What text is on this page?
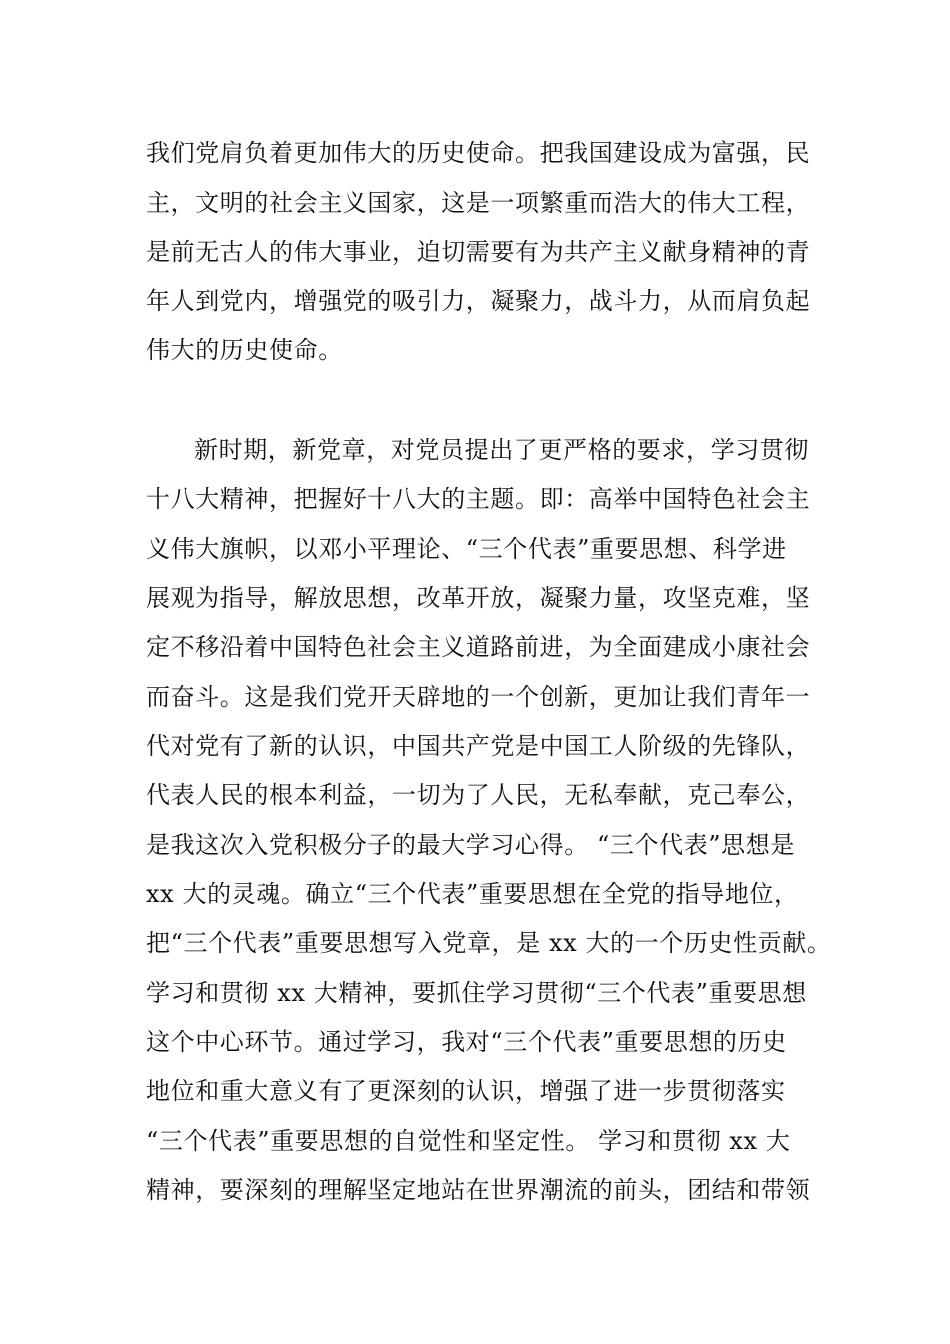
我们党肩负着更加伟大的历史使命。把我国建设成为富强，民
主，文明的社会主义国家，这是一项繁重而浩大的伟大工程，
是前无古人的伟大事业，迫切需要有为共产主义献身精神的青
年人到党内，增强党的吸引力，凝聚力，战斗力，从而肩负起
伟大的历史使命。
新时期，新党章，对党员提出了更严格的要求，学习贯彻
十八大精神，把握好十八大的主题。即：高举中国特色社会主
义伟大旗帜，以邓小平理论、“三个代表”重要思想、科学进
展观为指导，解放思想，改革开放，凝聚力量，攻坚克难，坚
定不移沿着中国特色社会主义道路前进，为全面建成小康社会
而奋斗。这是我们党开天辟地的一个创新，更加让我们青年一
代对党有了新的认识，中国共产党是中国工人阶级的先锋队，
代表人民的根本利益，一切为了人民，无私奉献，克己奉公，
是我这次入党积极分子的最大学习心得。 “三个代表”思想是
xx 大的灵魂。确立“三个代表”重要思想在全党的指导地位，
把“三个代表”重要思想写入党章，是 xx 大的一个历史性贡献。
学习和贯彻 xx 大精神，要抓住学习贯彻“三个代表”重要思想
这个中心环节。通过学习，我对“三个代表”重要思想的历史
地位和重大意义有了更深刻的认识，增强了进一步贯彻落实
“三个代表”重要思想的自觉性和坚定性。 学习和贯彻 xx 大
精神，要深刻的理解坚定地站在世界潮流的前头，团结和带领
